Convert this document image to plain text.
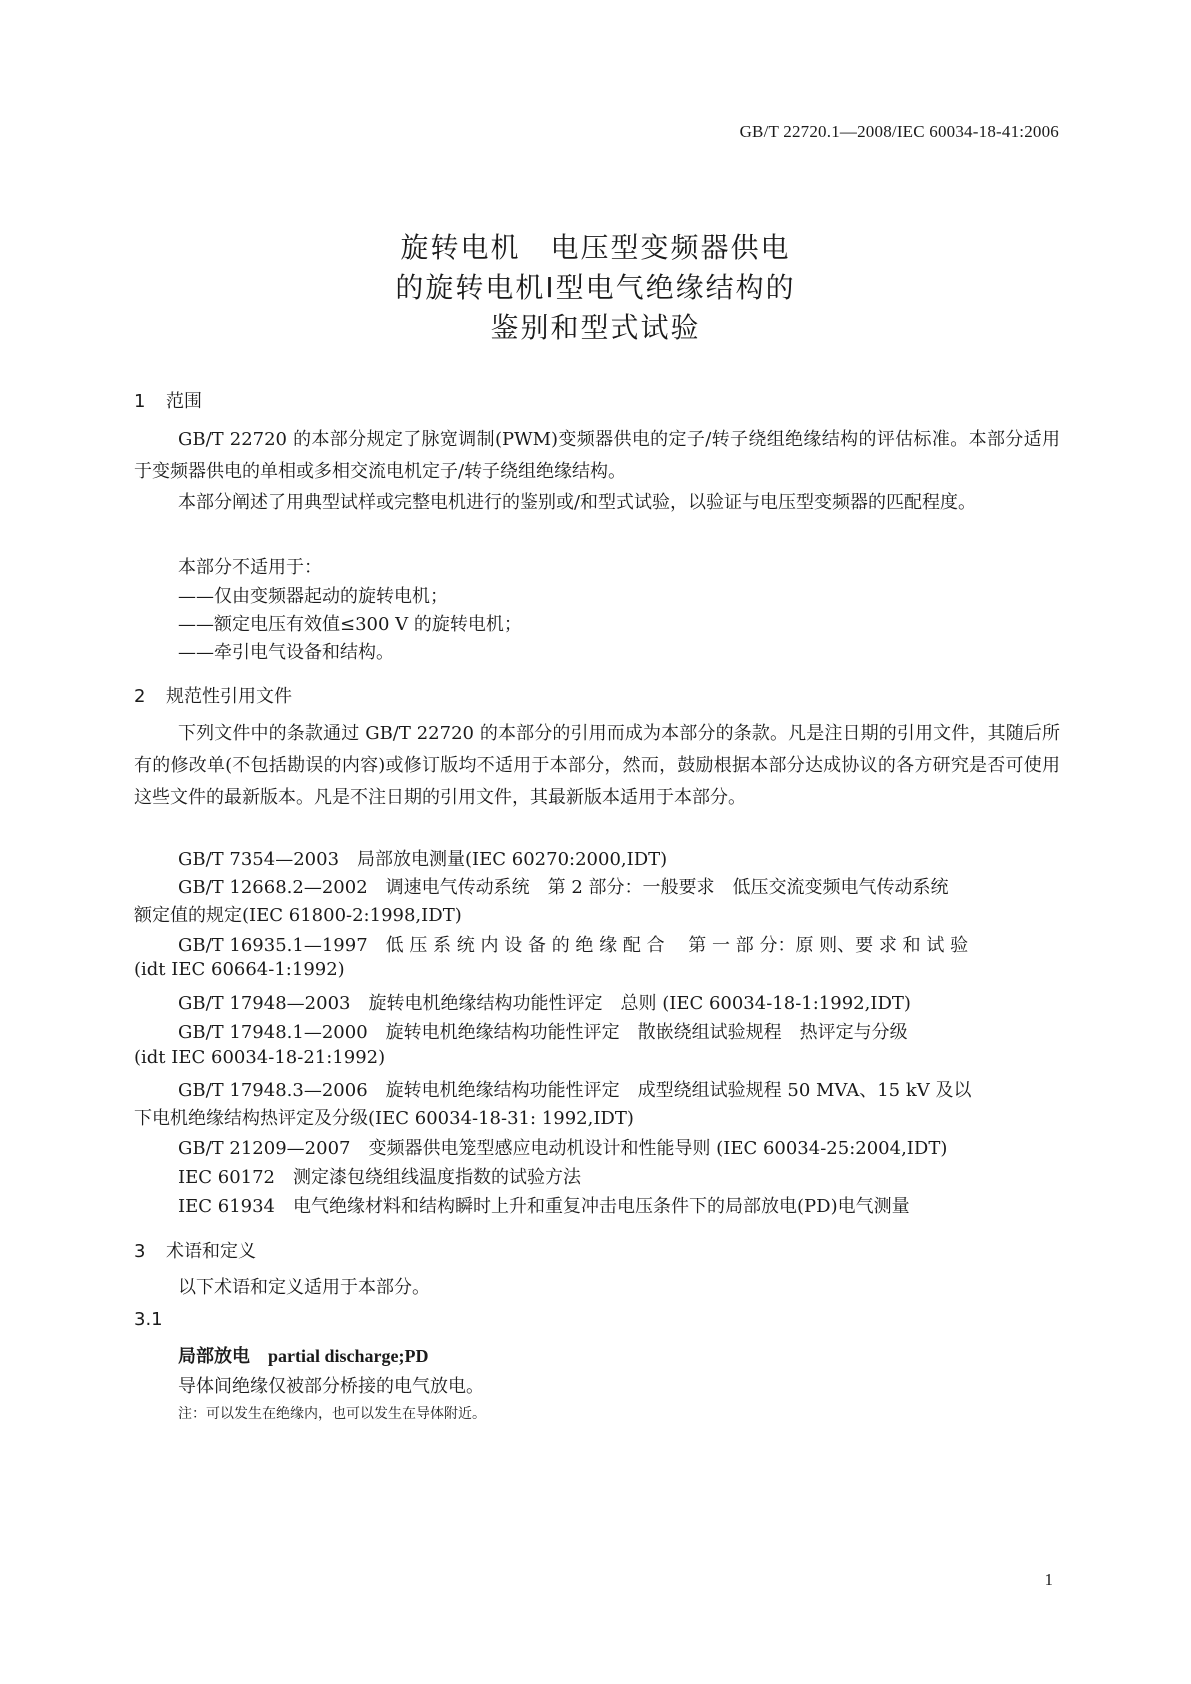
GB/T 22720.1—2008/IEC 60034-18-41:2006
旋转电机　电压型变频器供电
的旋转电机Ⅰ型电气绝缘结构的
鉴别和型式试验
1 范围
GB/T 22720 的本部分规定了脉宽调制(PWM)变频器供电的定子/转子绕组绝缘结构的评估标准。本部分适用于变频器供电的单相或多相交流电机定子/转子绕组绝缘结构。
本部分阐述了用典型试样或完整电机进行的鉴别或/和型式试验，以验证与电压型变频器的匹配程度。
本部分不适用于：
——仅由变频器起动的旋转电机；
——额定电压有效值≤300 V 的旋转电机；
——牵引电气设备和结构。
2 规范性引用文件
下列文件中的条款通过 GB/T 22720 的本部分的引用而成为本部分的条款。凡是注日期的引用文件，其随后所有的修改单(不包括勘误的内容)或修订版均不适用于本部分，然而，鼓励根据本部分达成协议的各方研究是否可使用这些文件的最新版本。凡是不注日期的引用文件，其最新版本适用于本部分。
GB/T 7354—2003　局部放电测量(IEC 60270:2000,IDT)
GB/T 12668.2—2002　调速电气传动系统　第 2 部分：一般要求　低压交流变频电气传动系统
额定值的规定(IEC 61800-2:1998,IDT)
GB/T 16935.1—1997　低 压 系 统 内 设 备 的 绝 缘 配 合　 第 一 部 分：原 则、要 求 和 试 验
(idt IEC 60664-1:1992)
GB/T 17948—2003　旋转电机绝缘结构功能性评定　总则 (IEC 60034-18-1:1992,IDT)
GB/T 17948.1—2000　旋转电机绝缘结构功能性评定　散嵌绕组试验规程　热评定与分级
(idt IEC 60034-18-21:1992)
GB/T 17948.3—2006　旋转电机绝缘结构功能性评定　成型绕组试验规程 50 MVA、15 kV 及以
下电机绝缘结构热评定及分级(IEC 60034-18-31: 1992,IDT)
GB/T 21209—2007　变频器供电笼型感应电动机设计和性能导则 (IEC 60034-25:2004,IDT)
IEC 60172　测定漆包绕组线温度指数的试验方法
IEC 61934　电气绝缘材料和结构瞬时上升和重复冲击电压条件下的局部放电(PD)电气测量
3 术语和定义
以下术语和定义适用于本部分。
3.1
局部放电 partial discharge;PD
导体间绝缘仅被部分桥接的电气放电。
注：可以发生在绝缘内，也可以发生在导体附近。
1
